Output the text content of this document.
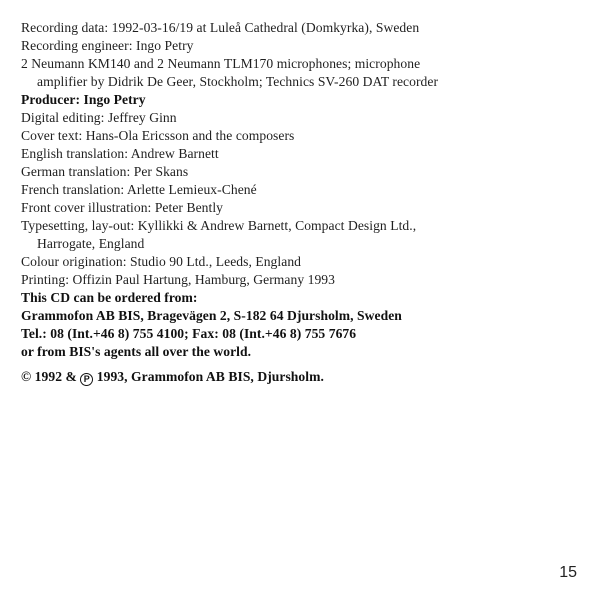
Recording data: 1992-03-16/19 at Luleå Cathedral (Domkyrka), Sweden
Recording engineer: Ingo Petry
2 Neumann KM140 and 2 Neumann TLM170 microphones; microphone
amplifier by Didrik De Geer, Stockholm; Technics SV-260 DAT recorder
Producer: Ingo Petry
Digital editing: Jeffrey Ginn
Cover text: Hans-Ola Ericsson and the composers
English translation: Andrew Barnett
German translation: Per Skans
French translation: Arlette Lemieux-Chené
Front cover illustration: Peter Bently
Typesetting, lay-out: Kyllikki & Andrew Barnett, Compact Design Ltd.,
Harrogate, England
Colour origination: Studio 90 Ltd., Leeds, England
Printing: Offizin Paul Hartung, Hamburg, Germany 1993
This CD can be ordered from:
Grammofon AB BIS, Bragevägen 2, S-182 64 Djursholm, Sweden
Tel.: 08 (Int.+46 8) 755 4100; Fax: 08 (Int.+46 8) 755 7676
or from BIS's agents all over the world.
© 1992 & P 1993, Grammofon AB BIS, Djursholm.
15
